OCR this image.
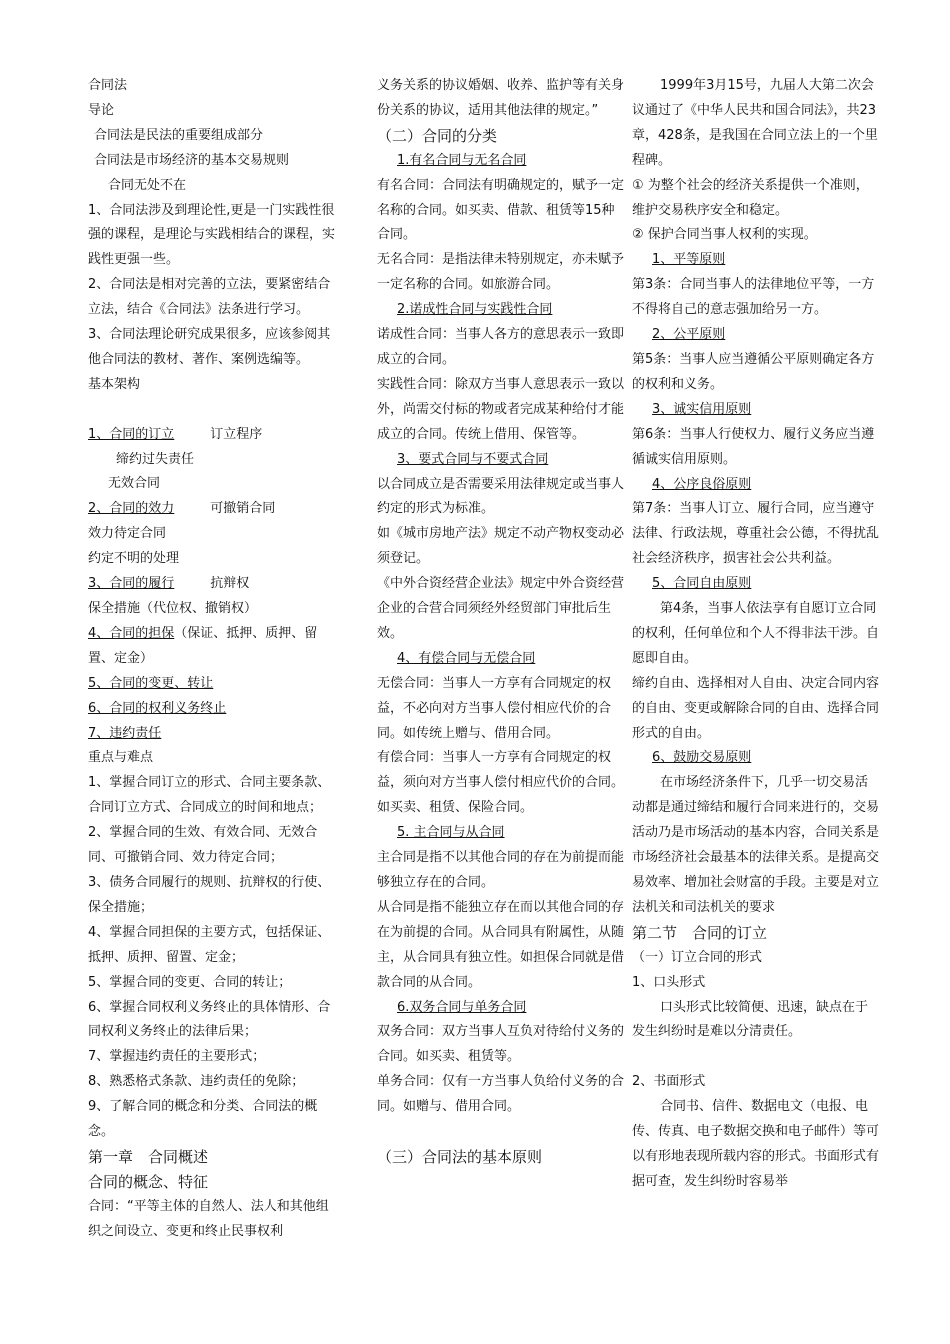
合同法

导论

合同法是民法的重要组成部分

合同法是市场经济的基本交易规则

合同无处不在

1、合同法涉及到理论性,更是一门实践性很强的课程，是理论与实践相结合的课程，实践性更强一些。

2、合同法是相对完善的立法，要紧密结合立法，结合《合同法》法条进行学习。

3、合同法理论研究成果很多，应该参阅其他合同法的教材、著作、案例选编等。

基本架构

1、合同的订立	订立程序

缔约过失责任

无效合同

2、合同的效力	可撤销合同

效力待定合同

约定不明的处理

3、合同的履行	抗辩权

保全措施（代位权、撤销权）

4、合同的担保（保证、抵押、质押、留置、定金）

5、合同的变更、转让

6、合同的权利义务终止

7、违约责任

重点与难点

1、掌握合同订立的形式、合同主要条款、合同订立方式、合同成立的时间和地点；

2、掌握合同的生效、有效合同、无效合同、可撤销合同、效力待定合同；

3、债务合同履行的规则、抗辩权的行使、保全措施；

4、掌握合同担保的主要方式，包括保证、抵押、质押、留置、定金；

5、掌握合同的变更、合同的转让；

6、掌握合同权利义务终止的具体情形、合同权利义务终止的法律后果；

7、掌握违约责任的主要形式；

8、熟悉格式条款、违约责任的免除；

9、了解合同的概念和分类、合同法的概念。

第一章　合同概述

合同的概念、特征

合同：“平等主体的自然人、法人和其他组织之间设立、变更和终止民事权利

义务关系的协议婚姻、收养、监护等有关身份关系的协议，适用其他法律的规定。”

（二）合同的分类

1.有名合同与无名合同

有名合同：合同法有明确规定的，赋予一定名称的合同。如买卖、借款、租赁等15种合同。

无名合同：是指法律未特别规定，亦未赋予一定名称的合同。如旅游合同。

2.诺成性合同与实践性合同

诺成性合同：当事人各方的意思表示一致即成立的合同。

实践性合同：除双方当事人意思表示一致以外，尚需交付标的物或者完成某种给付才能成立的合同。传统上借用、保管等。

3、要式合同与不要式合同

以合同成立是否需要采用法律规定或当事人约定的形式为标准。

如《城市房地产法》规定不动产物权变动必须登记。

《中外合资经营企业法》规定中外合资经营企业的合营合同须经外经贸部门审批后生效。

4、有偿合同与无偿合同

无偿合同：当事人一方享有合同规定的权益，不必向对方当事人偿付相应代价的合同。如传统上赠与、借用合同。

有偿合同：当事人一方享有合同规定的权益，须向对方当事人偿付相应代价的合同。如买卖、租赁、保险合同。

5. 主合同与从合同

主合同是指不以其他合同的存在为前提而能够独立存在的合同。

从合同是指不能独立存在而以其他合同的存在为前提的合同。从合同具有附属性，从随主，从合同具有独立性。如担保合同就是借款合同的从合同。

6.双务合同与单务合同

双务合同：双方当事人互负对待给付义务的合同。如买卖、租赁等。

单务合同：仅有一方当事人负给付义务的合同。如赠与、借用合同。

（三）合同法的基本原则

1999年3月15号，九届人大第二次会议通过了《中华人民共和国合同法》，共23章，428条，是我国在合同立法上的一个里程碑。

① 为整个社会的经济关系提供一个准则，维护交易秩序安全和稳定。

② 保护合同当事人权利的实现。

1、平等原则

第3条：合同当事人的法律地位平等，一方不得将自己的意志强加给另一方。

2、公平原则

第5条：当事人应当遵循公平原则确定各方的权利和义务。

3、诚实信用原则

第6条：当事人行使权力、履行义务应当遵循诚实信用原则。

4、公序良俗原则

第7条：当事人订立、履行合同，应当遵守法律、行政法规，尊重社会公德，不得扰乱社会经济秩序，损害社会公共利益。

5、合同自由原则

第4条，当事人依法享有自愿订立合同的权利，任何单位和个人不得非法干涉。自愿即自由。

缔约自由、选择相对人自由、决定合同内容的自由、变更或解除合同的自由、选择合同形式的自由。

6、鼓励交易原则

在市场经济条件下，几乎一切交易活动都是通过缔结和履行合同来进行的，交易活动乃是市场活动的基本内容，合同关系是市场经济社会最基本的法律关系。是提高交易效率、增加社会财富的手段。主要是对立法机关和司法机关的要求

第二节　合同的订立

（一）订立合同的形式

1、口头形式

口头形式比较简便、迅速，缺点在于发生纠纷时是难以分清责任。

2、书面形式

合同书、信件、数据电文（电报、电传、传真、电子数据交换和电子邮件）等可以有形地表现所载内容的形式。书面形式有据可查，发生纠纷时容易举
